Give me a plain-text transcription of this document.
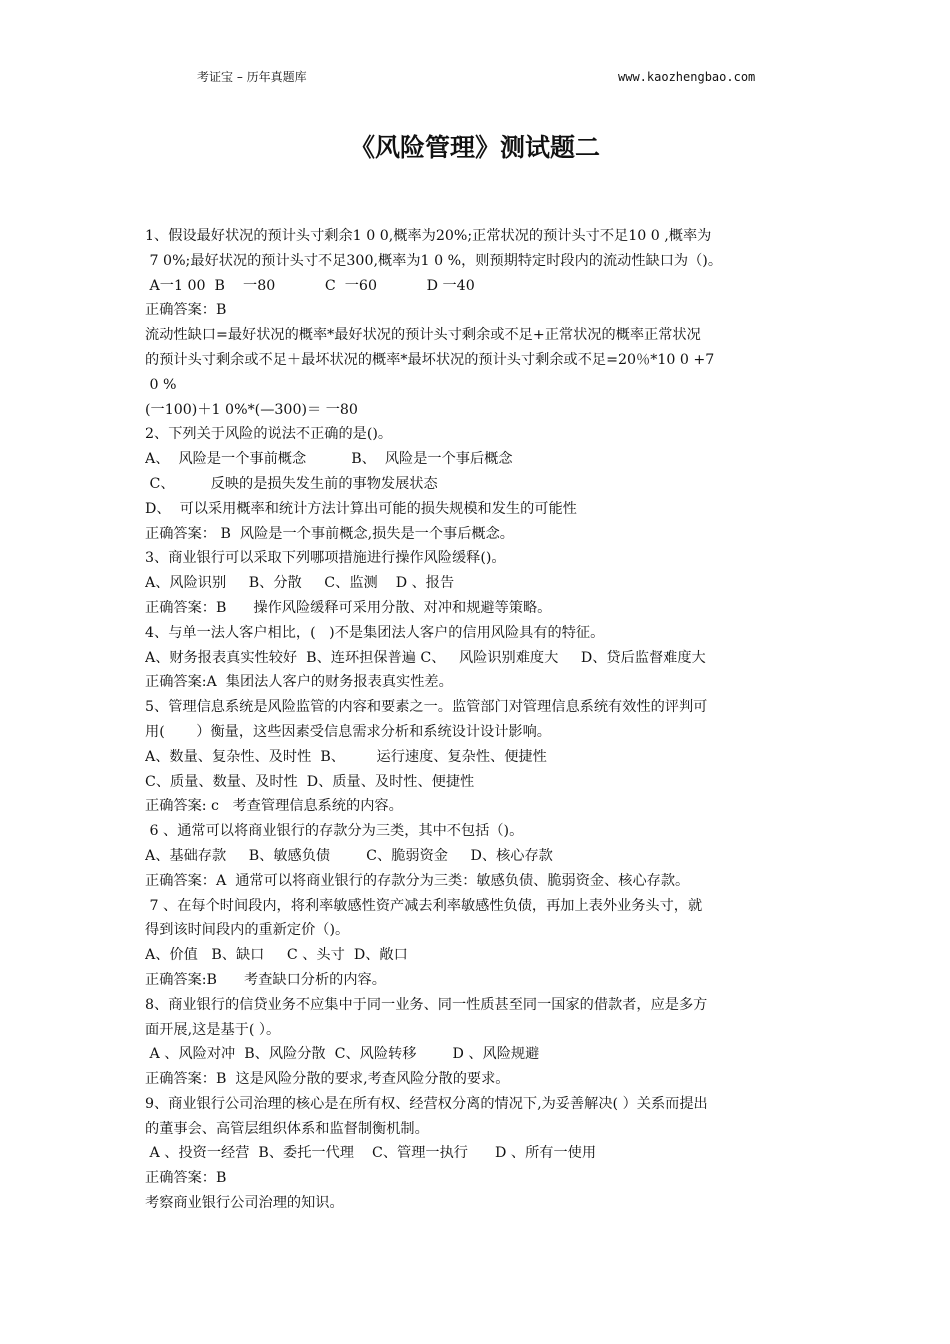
考证宝 – 历年真题库	www.kaozhengbao.com
《风险管理》测试题二
1、假设最好状况的预计头寸剩余1 0 0,概率为20%;正常状况的预计头寸不足10 0 ,概率为
7 0%;最好状况的预计头寸不足300,概率为1 0 %，则预期特定时段内的流动性缺口为（)。
A一1 00  B    一80           C  一60           D 一40
正确答案：B
流动性缺口=最好状况的概率*最好状况的预计头寸剩余或不足+正常状况的概率正常状况
的预计头寸剩余或不足＋最坏状况的概率*最坏状况的预计头寸剩余或不足=20％*10 0 +7
0 %
(一100)＋1 0%*(—300)＝ 一80
2、下列关于风险的说法不正确的是()。
A、  风险是一个事前概念          B、  风险是一个事后概念
C、        反映的是损失发生前的事物发展状态
D、  可以采用概率和统计方法计算出可能的损失规模和发生的可能性
正确答案： B  风险是一个事前概念,损失是一个事后概念。
3、商业银行可以采取下列哪项措施进行操作风险缓释()。
A、风险识别     B、分散     C、监测    D 、报告
正确答案：B      操作风险缓释可采用分散、对冲和规避等策略。
4、与单一法人客户相比，(   )不是集团法人客户的信用风险具有的特征。
A、财务报表真实性较好  B、连环担保普遍 C、   风险识别难度大     D、贷后监督难度大
正确答案:A  集团法人客户的财务报表真实性差。
5、管理信息系统是风险监管的内容和要素之一。监管部门对管理信息系统有效性的评判可
用(       ）衡量，这些因素受信息需求分析和系统设计设计影响。
A、数量、复杂性、及时性  B、       运行速度、复杂性、便捷性
C、质量、数量、及时性  D、质量、及时性、便捷性
正确答案: c   考查管理信息系统的内容。
6 、通常可以将商业银行的存款分为三类，其中不包括（)。
A、基础存款     B、敏感负债        C、脆弱资金     D、核心存款
正确答案：A  通常可以将商业银行的存款分为三类：敏感负债、脆弱资金、核心存款。
7 、在每个时间段内，将利率敏感性资产减去利率敏感性负债，再加上表外业务头寸，就
得到该时间段内的重新定价（)。
A、价值   B、缺口     C 、头寸  D、敞口
正确答案:B      考查缺口分析的内容。
8、商业银行的信贷业务不应集中于同一业务、同一性质甚至同一国家的借款者，应是多方
面开展,这是基于( ）。
A 、风险对冲  B、风险分散  C、风险转移        D 、风险规避
正确答案：B  这是风险分散的要求,考查风险分散的要求。
9、商业银行公司治理的核心是在所有权、经营权分离的情况下,为妥善解决( ）关系而提出
的董事会、高管层组织体系和监督制衡机制。
A 、投资一经营  B、委托一代理    C、管理一执行      D 、所有一使用
正确答案：B
考察商业银行公司治理的知识。
